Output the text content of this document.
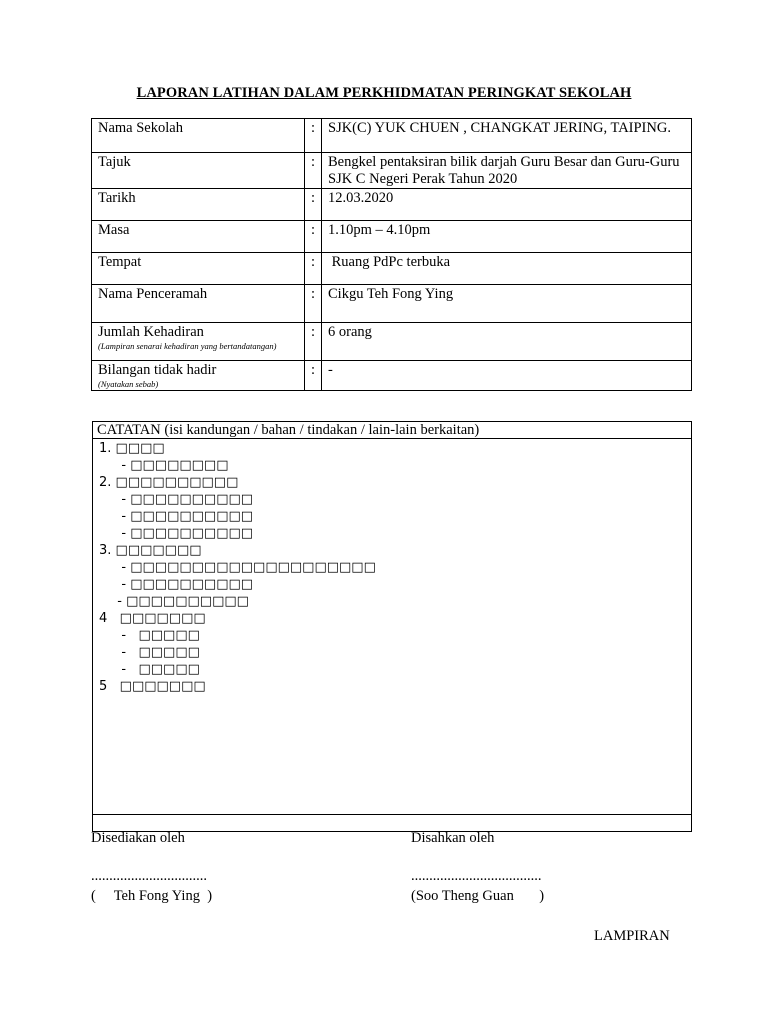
LAPORAN LATIHAN DALAM PERKHIDMATAN PERINGKAT SEKOLAH
Nama Sekolah	:	SJK(C) YUK CHUEN , CHANGKAT JERING, TAIPING.
Tajuk	:	Bengkel pentaksiran bilik darjah Guru Besar dan Guru-Guru SJK C Negeri Perak Tahun 2020
Tarikh	:	12.03.2020
Masa	:	1.10pm – 4.10pm
Tempat	:	Ruang PdPc terbuka
Nama Penceramah	:	Cikgu Teh Fong Ying
Jumlah Kehadiran
(Lampiran senarai kehadiran yang bertandatangan)	:	6 orang
Bilangan tidak hadir
(Nyatakan sebab)	:	-
CATATAN (isi kandungan / bahan / tindakan / lain-lain berkaitan)
1. □□□□
- □□□□□□□□
2. □□□□□□□□□□
- □□□□□□□□□□
- □□□□□□□□□□
- □□□□□□□□□□
3. □□□□□□□
- □□□□□□□□□□□□□□□□□□□□
- □□□□□□□□□□
- □□□□□□□□□□
4   □□□□□□□
-   □□□□□
-   □□□□□
-   □□□□□
5   □□□□□□□
Disediakan oleh	Disahkan oleh
................................	....................................
(     Teh Fong Ying  )	(Soo Theng Guan       )
LAMPIRAN
